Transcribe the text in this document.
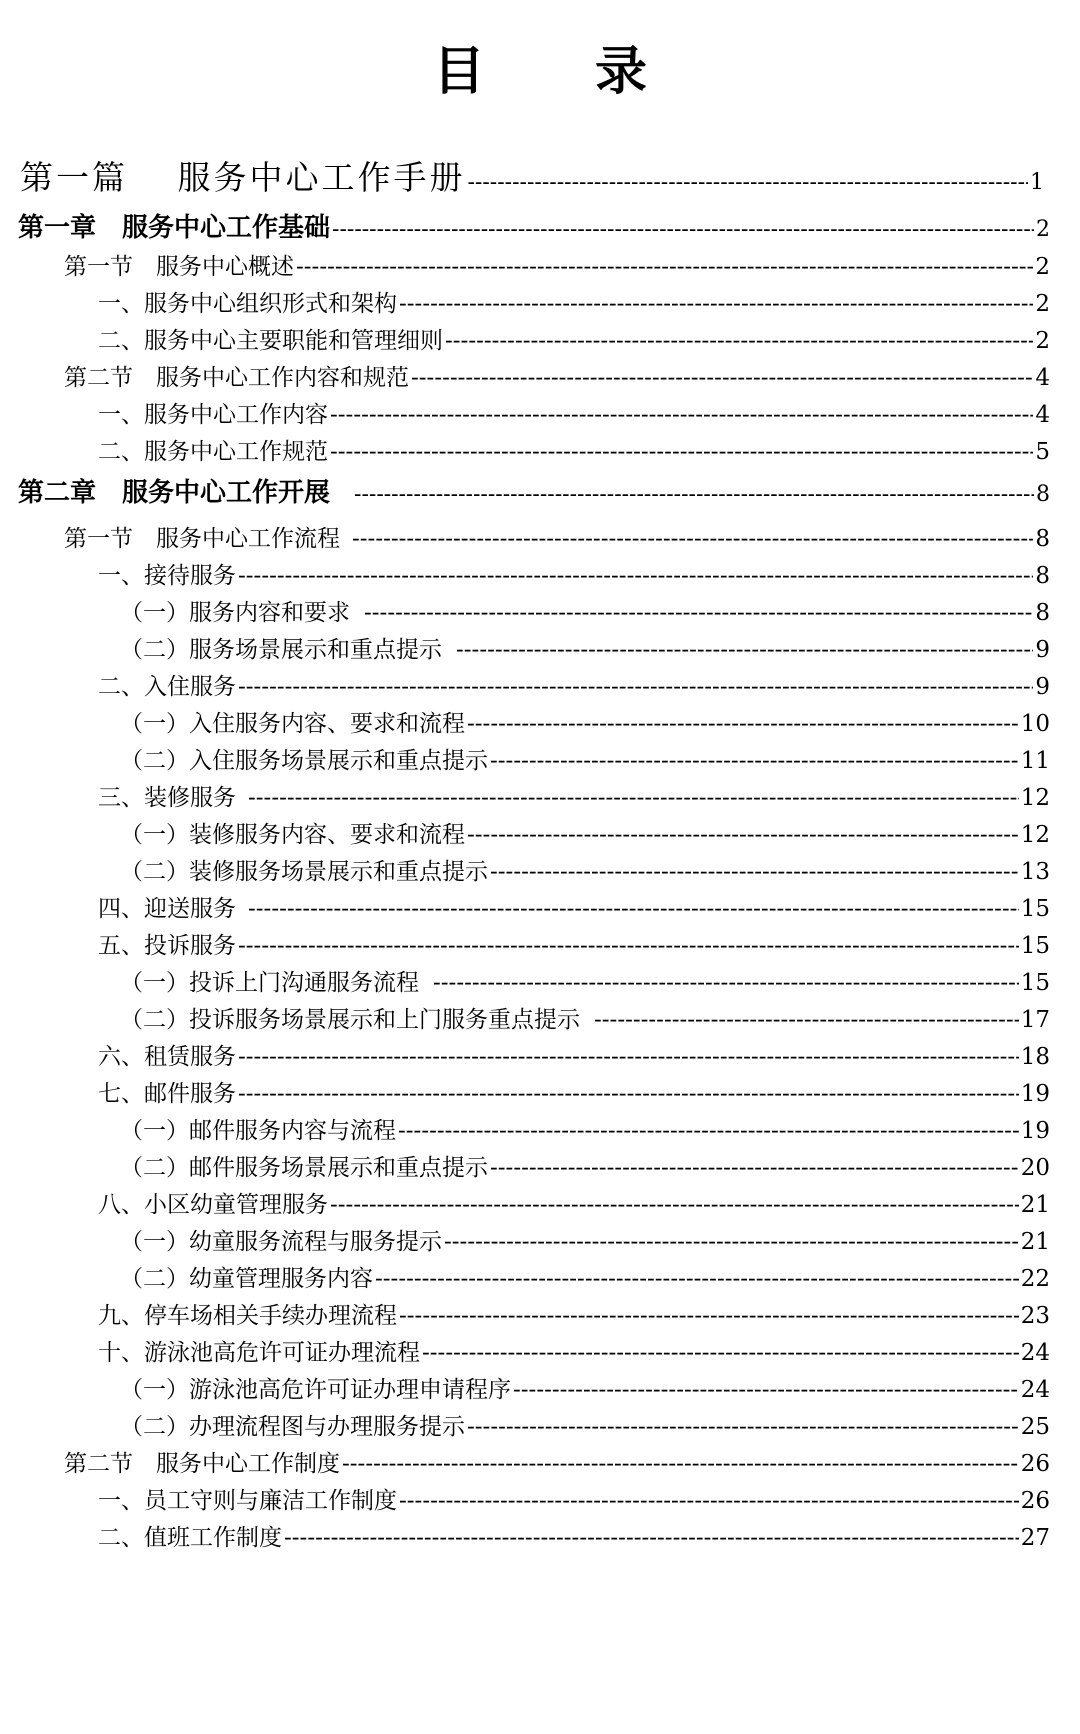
目 录
第一篇　 服务中心工作手册 -----	1
第一章　服务中心工作基础 -----	2
第一节　服务中心概述 -----	2
一、服务中心组织形式和架构 -----	2
二、服务中心主要职能和管理细则 -----	2
第二节　服务中心工作内容和规范 -----	4
一、服务中心工作内容 -----	4
二、服务中心工作规范 -----	5
第二章　服务中心工作开展 -----	8
第一节　服务中心工作流程 -----	8
一、接待服务 -----	8
（一）服务内容和要求 -----	8
（二）服务场景展示和重点提示 -----	9
二、入住服务 -----	9
（一）入住服务内容、要求和流程 -----	10
（二）入住服务场景展示和重点提示 -----	11
三、装修服务 -----	12
（一）装修服务内容、要求和流程 -----	12
（二）装修服务场景展示和重点提示 -----	13
四、迎送服务 -----	15
五、投诉服务 -----	15
（一）投诉上门沟通服务流程 -----	15
（二）投诉服务场景展示和上门服务重点提示 -----	17
六、租赁服务 -----	18
七、邮件服务 -----	19
（一）邮件服务内容与流程 -----	19
（二）邮件服务场景展示和重点提示 -----	20
八、小区幼童管理服务 -----	21
（一）幼童服务流程与服务提示 -----	21
（二）幼童管理服务内容 -----	22
九、停车场相关手续办理流程 -----	23
十、游泳池高危许可证办理流程 -----	24
（一）游泳池高危许可证办理申请程序 -----	24
（二）办理流程图与办理服务提示 -----	25
第二节　服务中心工作制度 -----	26
一、员工守则与廉洁工作制度 -----	26
二、值班工作制度 -----	27
